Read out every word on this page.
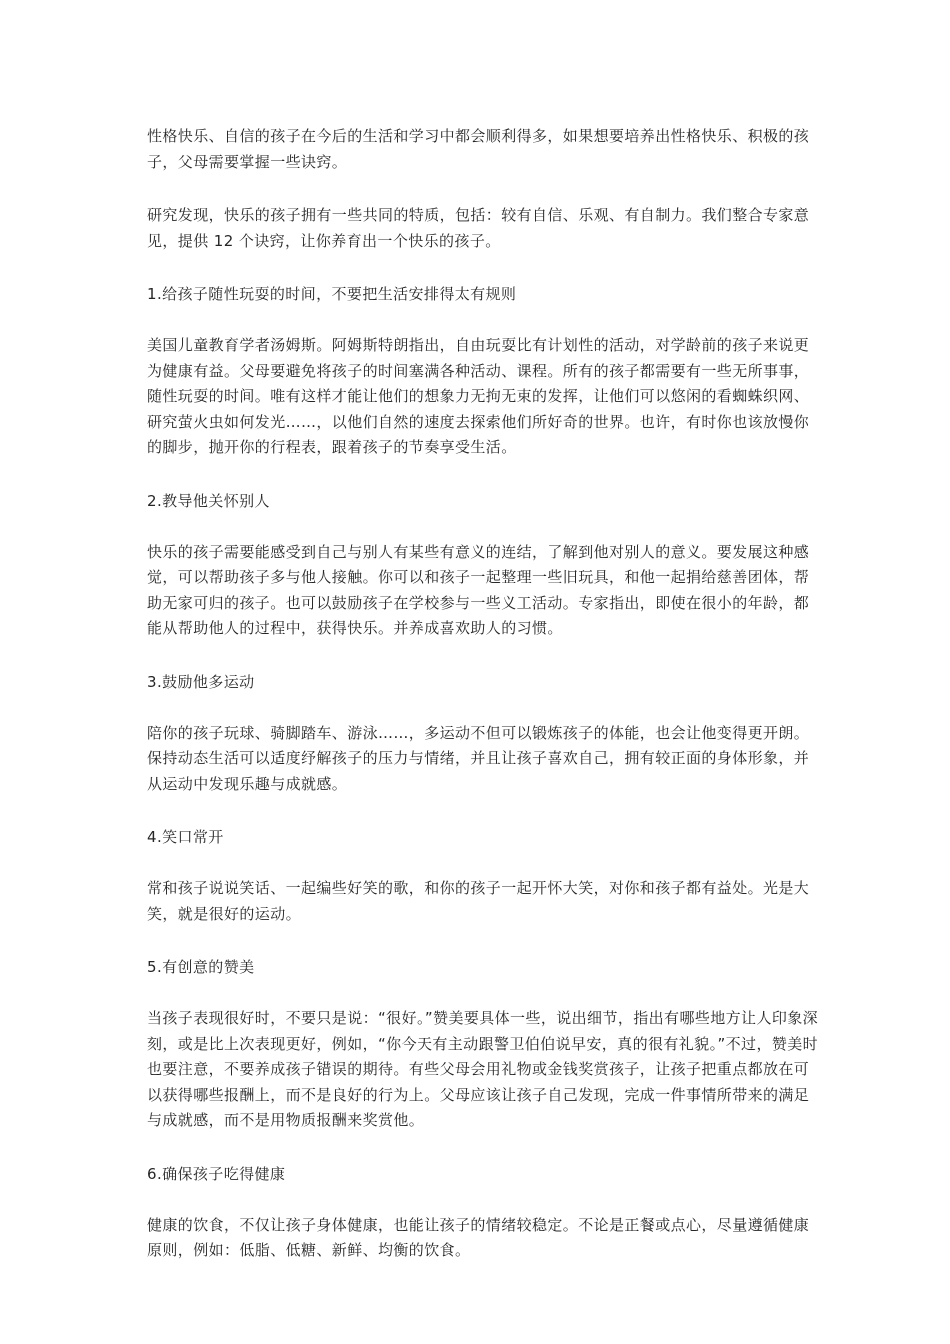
性格快乐、自信的孩子在今后的生活和学习中都会顺利得多，如果想要培养出性格快乐、积极的孩子，父母需要掌握一些诀窍。

研究发现，快乐的孩子拥有一些共同的特质，包括：较有自信、乐观、有自制力。我们整合专家意见，提供 12 个诀窍，让你养育出一个快乐的孩子。

1.给孩子随性玩耍的时间，不要把生活安排得太有规则

美国儿童教育学者汤姆斯。阿姆斯特朗指出，自由玩耍比有计划性的活动，对学龄前的孩子来说更为健康有益。父母要避免将孩子的时间塞满各种活动、课程。所有的孩子都需要有一些无所事事，随性玩耍的时间。唯有这样才能让他们的想象力无拘无束的发挥，让他们可以悠闲的看蜘蛛织网、研究萤火虫如何发光……，以他们自然的速度去探索他们所好奇的世界。也许，有时你也该放慢你的脚步，抛开你的行程表，跟着孩子的节奏享受生活。

2.教导他关怀别人

快乐的孩子需要能感受到自己与别人有某些有意义的连结，了解到他对别人的意义。要发展这种感觉，可以帮助孩子多与他人接触。你可以和孩子一起整理一些旧玩具，和他一起捐给慈善团体，帮助无家可归的孩子。也可以鼓励孩子在学校参与一些义工活动。专家指出，即使在很小的年龄，都能从帮助他人的过程中，获得快乐。并养成喜欢助人的习惯。

3.鼓励他多运动

陪你的孩子玩球、骑脚踏车、游泳……，多运动不但可以锻炼孩子的体能，也会让他变得更开朗。保持动态生活可以适度纾解孩子的压力与情绪，并且让孩子喜欢自己，拥有较正面的身体形象，并从运动中发现乐趣与成就感。

4.笑口常开

常和孩子说说笑话、一起编些好笑的歌，和你的孩子一起开怀大笑，对你和孩子都有益处。光是大笑，就是很好的运动。

5.有创意的赞美

当孩子表现很好时，不要只是说：“很好。”赞美要具体一些，说出细节，指出有哪些地方让人印象深刻，或是比上次表现更好，例如，“你今天有主动跟警卫伯伯说早安，真的很有礼貌。”不过，赞美时也要注意，不要养成孩子错误的期待。有些父母会用礼物或金钱奖赏孩子，让孩子把重点都放在可以获得哪些报酬上，而不是良好的行为上。父母应该让孩子自己发现，完成一件事情所带来的满足与成就感，而不是用物质报酬来奖赏他。

6.确保孩子吃得健康

健康的饮食，不仅让孩子身体健康，也能让孩子的情绪较稳定。不论是正餐或点心，尽量遵循健康原则，例如：低脂、低糖、新鲜、均衡的饮食。
